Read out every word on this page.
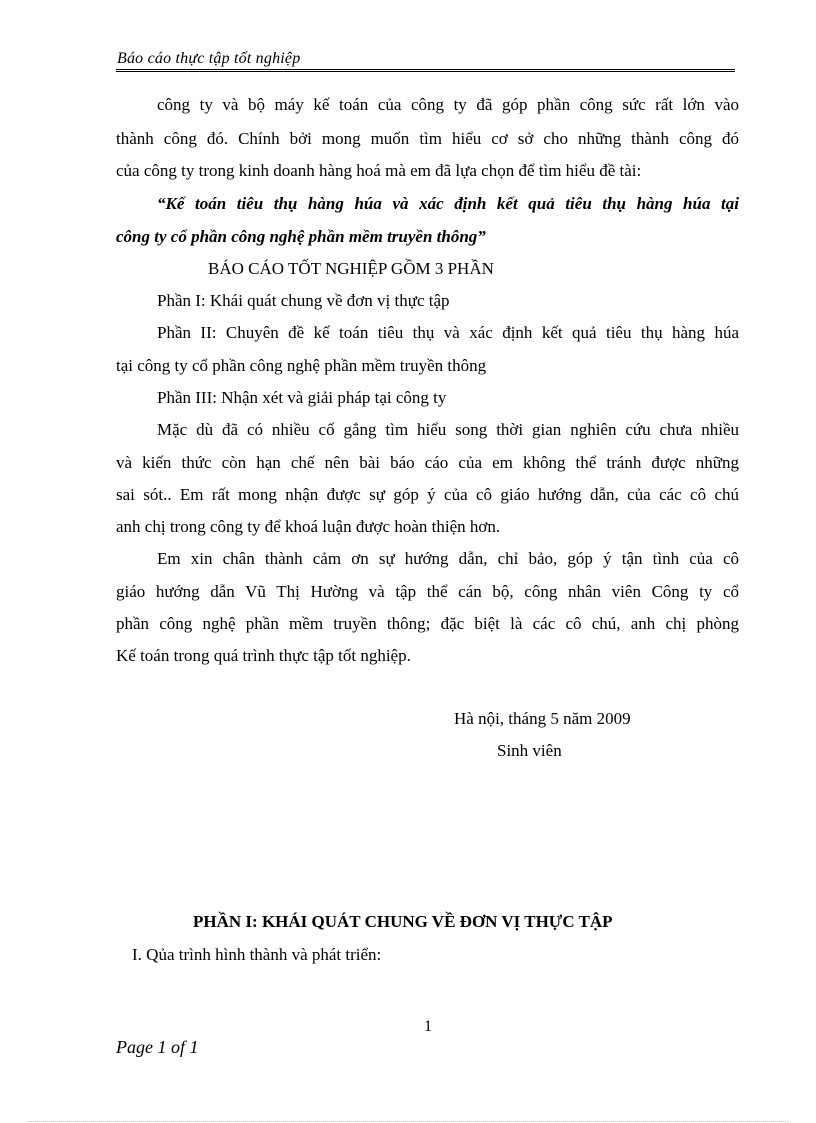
Báo cáo thực tập tốt nghiệp
công ty và bộ máy kế toán của công ty đã góp phần công sức rất lớn vào
thành công đó. Chính bởi mong muốn tìm hiểu cơ sở cho những thành công đó
của công ty trong kinh doanh hàng hoá mà em đã lựa chọn để tìm hiểu đề tài:
“Kế toán tiêu thụ hàng húa và xác định kết quả tiêu thụ hàng húa tại
công ty cổ phần công nghệ phần mềm truyền thông”
BÁO CÁO TỐT NGHIỆP GỒM 3 PHẦN
Phần I: Khái quát chung về đơn vị thực tập
Phần II: Chuyên đề kế toán tiêu thụ và xác định kết quả tiêu thụ hàng húa
tại công ty cổ phần công nghệ phần mềm truyền thông
Phần III: Nhận xét và giải pháp tại công ty
Mặc dù đã có nhiều cố gắng tìm hiểu song thời gian nghiên cứu chưa nhiều
và kiến thức còn hạn chế nên bài báo cáo của em không thể tránh được những
sai sót.. Em rất mong nhận được sự góp ý của cô giáo hướng dẫn, của các cô chú
anh chị trong công ty để khoá luận được hoàn thiện hơn.
Em xin chân thành cảm ơn sự hướng dẫn, chỉ bảo, góp ý tận tình của cô
giáo hướng dẫn Vũ Thị Hường và tập thể cán bộ, công nhân viên Công ty cổ
phần công nghệ phần mềm truyền thông; đặc biệt là các cô chú, anh chị phòng
Kế toán trong quá trình thực tập tốt nghiệp.
Hà nội, tháng 5 năm 2009
Sinh viên
PHẦN I: KHÁI QUÁT CHUNG VỀ ĐƠN VỊ THỰC TẬP
I. Qủa trình hình thành và phát triển:
1
Page 1 of 1
